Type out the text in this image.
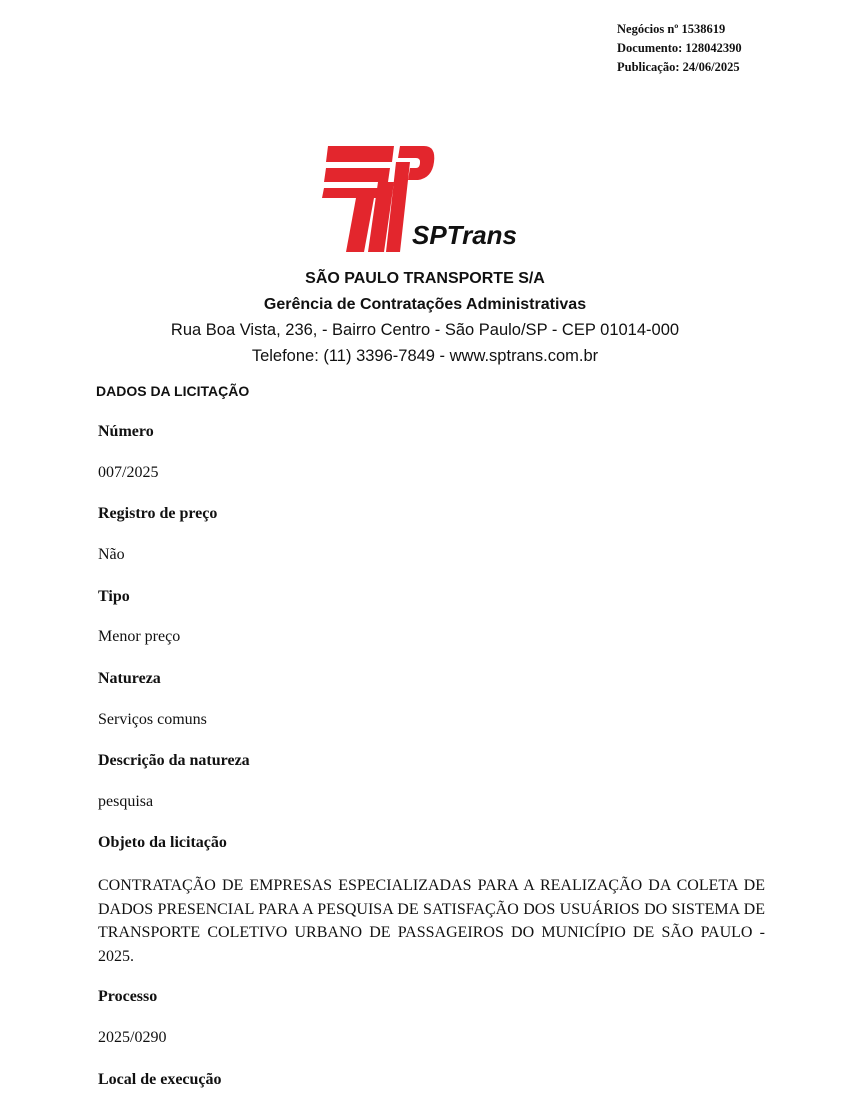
Negócios nº 1538619
Documento: 128042390
Publicação: 24/06/2025
SPTrans
SÃO PAULO TRANSPORTE S/A
Gerência de Contratações Administrativas
Rua Boa Vista, 236, - Bairro Centro - São Paulo/SP - CEP 01014-000
Telefone: (11) 3396-7849 - www.sptrans.com.br
DADOS DA LICITAÇÃO
Número
007/2025
Registro de preço
Não
Tipo
Menor preço
Natureza
Serviços comuns
Descrição da natureza
pesquisa
Objeto da licitação
CONTRATAÇÃO DE EMPRESAS ESPECIALIZADAS PARA A REALIZAÇÃO DA COLETA DE DADOS PRESENCIAL PARA A PESQUISA DE SATISFAÇÃO DOS USUÁRIOS DO SISTEMA DE TRANSPORTE COLETIVO URBANO DE PASSAGEIROS DO MUNICÍPIO DE SÃO PAULO - 2025.
Processo
2025/0290
Local de execução
